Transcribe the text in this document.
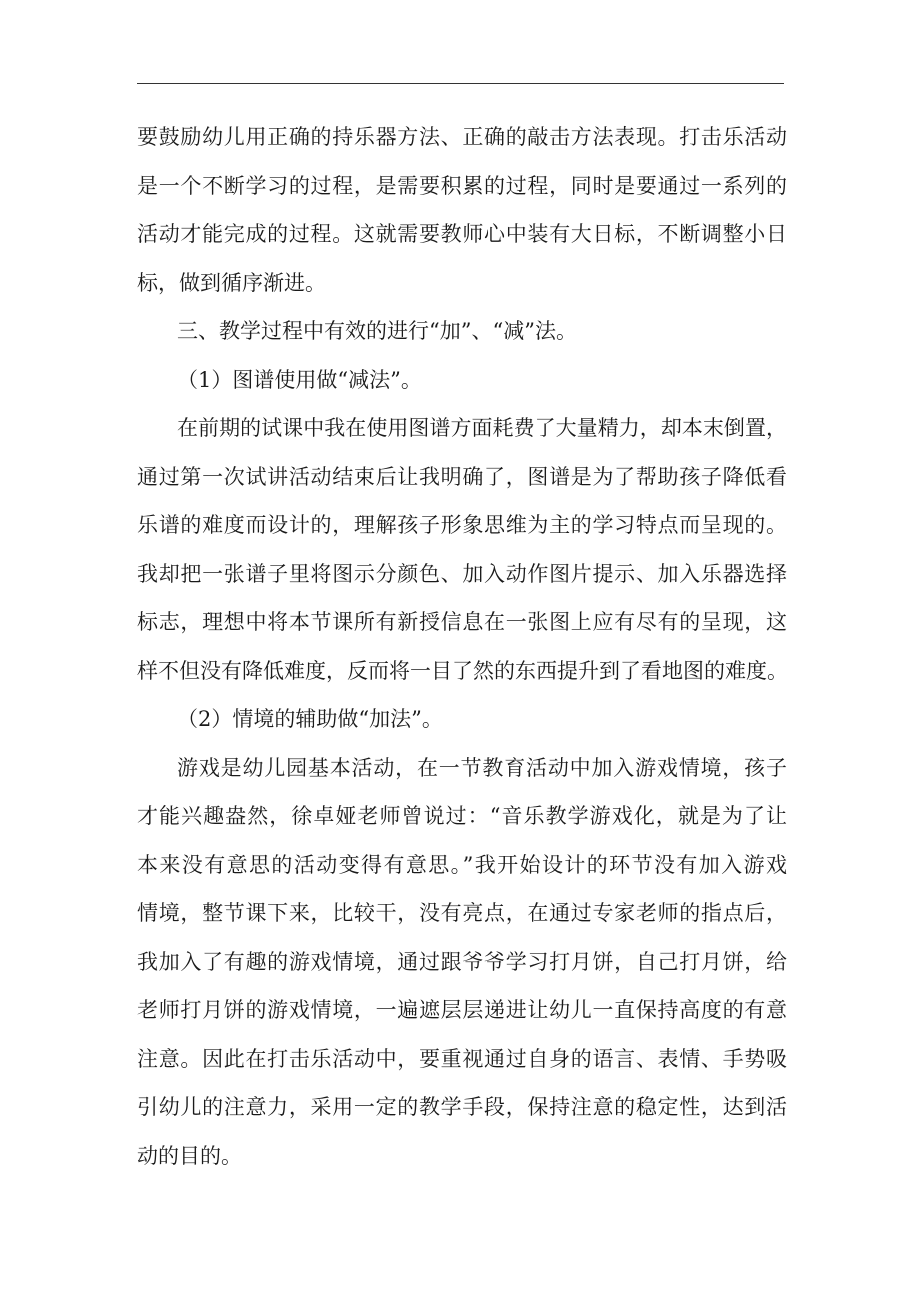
要鼓励幼儿用正确的持乐器方法、正确的敲击方法表现。打击乐活动
是一个不断学习的过程，是需要积累的过程，同时是要通过一系列的
活动才能完成的过程。这就需要教师心中装有大日标，不断调整小日
标，做到循序渐进。
三、教学过程中有效的进行“加”、“减”法。
（1）图谱使用做“减法”。
在前期的试课中我在使用图谱方面耗费了大量精力，却本末倒置，
通过第一次试讲活动结束后让我明确了，图谱是为了帮助孩子降低看
乐谱的难度而设计的，理解孩子形象思维为主的学习特点而呈现的。
我却把一张谱子里将图示分颜色、加入动作图片提示、加入乐器选择
标志，理想中将本节课所有新授信息在一张图上应有尽有的呈现，这
样不但没有降低难度，反而将一目了然的东西提升到了看地图的难度。
（2）情境的辅助做“加法”。
游戏是幼儿园基本活动，在一节教育活动中加入游戏情境，孩子
才能兴趣盎然，徐卓娅老师曾说过：“音乐教学游戏化，就是为了让
本来没有意思的活动变得有意思。”我开始设计的环节没有加入游戏
情境，整节课下来，比较干，没有亮点，在通过专家老师的指点后，
我加入了有趣的游戏情境，通过跟爷爷学习打月饼，自己打月饼，给
老师打月饼的游戏情境，一遍遮层层递进让幼儿一直保持高度的有意
注意。因此在打击乐活动中，要重视通过自身的语言、表情、手势吸
引幼儿的注意力，采用一定的教学手段，保持注意的稳定性，达到活
动的目的。
